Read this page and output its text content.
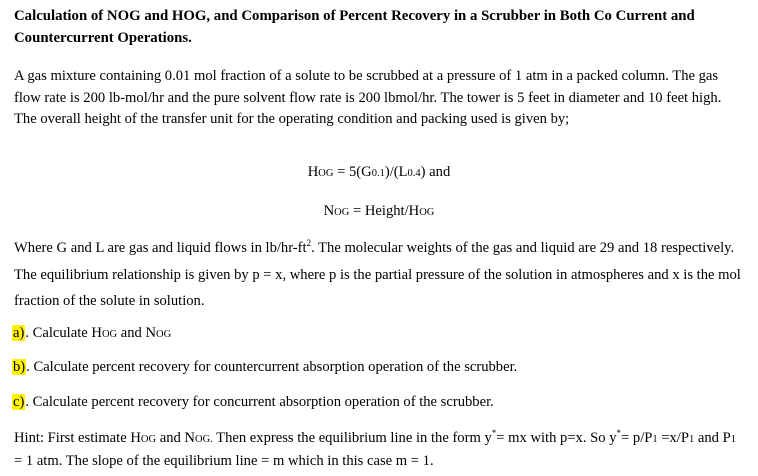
Calculation of NOG and HOG, and Comparison of Percent Recovery in a Scrubber in Both Co Current and Countercurrent Operations.
A gas mixture containing 0.01 mol fraction of a solute to be scrubbed at a pressure of 1 atm in a packed column. The gas flow rate is 200 lb-mol/hr and the pure solvent flow rate is 200 lbmol/hr. The tower is 5 feet in diameter and 10 feet high. The overall height of the transfer unit for the operating condition and packing used is given by;
HOG = 5(G0.1)/(L0.4) and
NOG = Height/HOG
Where G and L are gas and liquid flows in $lb/hr-ft^2$. The molecular weights of the gas and liquid are 29 and 18 respectively. The equilibrium relationship is given by p = x, where p is the partial pressure of the solution in atmospheres and x is the mol fraction of the solute in solution.
a). Calculate HOG and NOG
b). Calculate percent recovery for countercurrent absorption operation of the scrubber.
c). Calculate percent recovery for concurrent absorption operation of the scrubber.
Hint: First estimate HOG and NOG. Then express the equilibrium line in the form y*= mx with p=x. So y*= p/P1 =x/P1 and P1 = 1 atm. The slope of the equilibrium line = m which in this case m = 1.
